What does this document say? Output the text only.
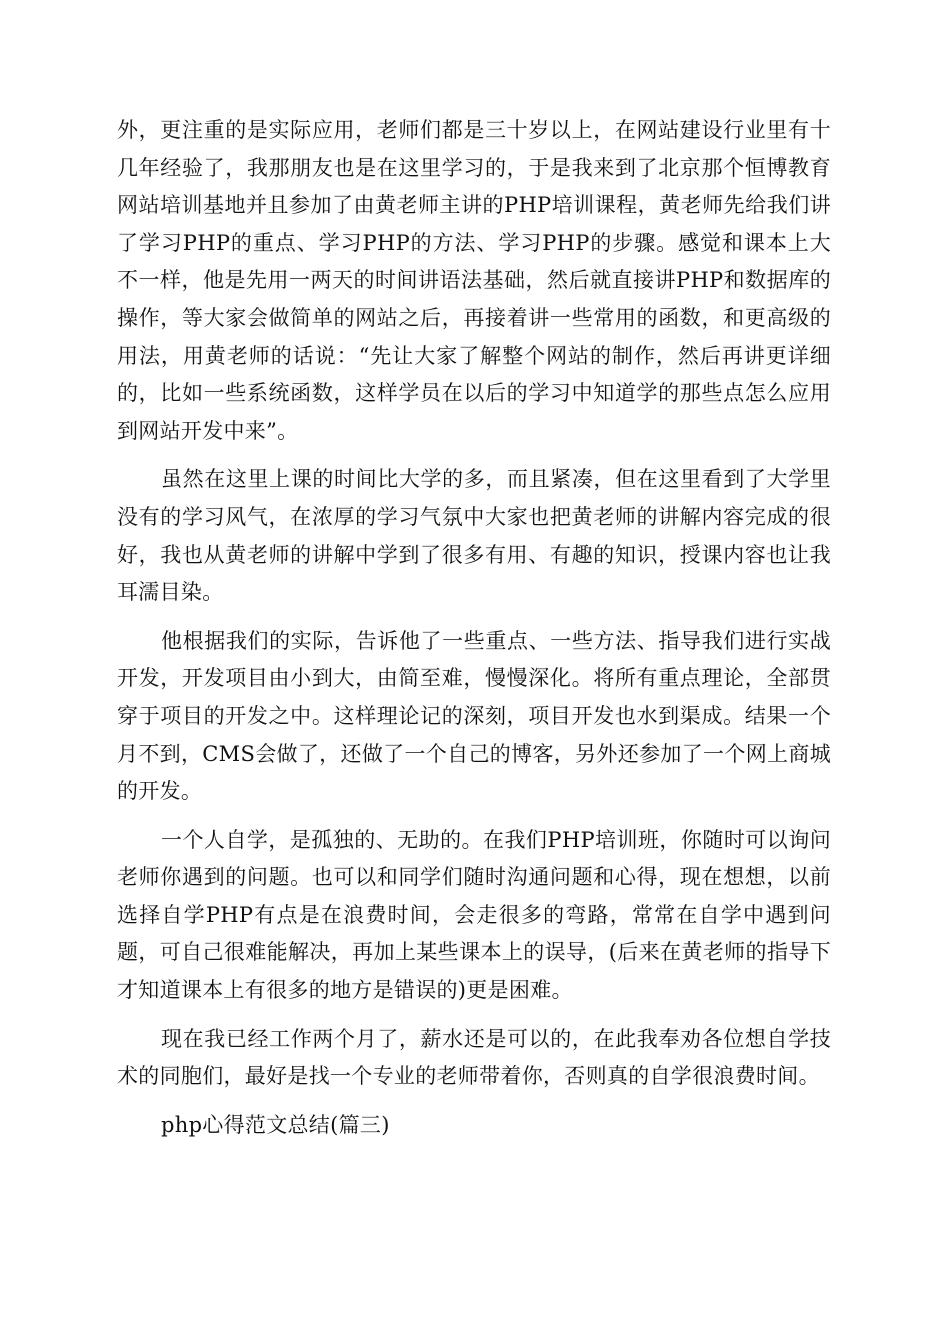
外，更注重的是实际应用，老师们都是三十岁以上，在网站建设行业里有十几年经验了，我那朋友也是在这里学习的，于是我来到了北京那个恒博教育网站培训基地并且参加了由黄老师主讲的PHP培训课程，黄老师先给我们讲了学习PHP的重点、学习PHP的方法、学习PHP的步骤。感觉和课本上大不一样，他是先用一两天的时间讲语法基础，然后就直接讲PHP和数据库的操作，等大家会做简单的网站之后，再接着讲一些常用的函数，和更高级的用法，用黄老师的话说：“先让大家了解整个网站的制作，然后再讲更详细的，比如一些系统函数，这样学员在以后的学习中知道学的那些点怎么应用到网站开发中来”。

虽然在这里上课的时间比大学的多，而且紧凑，但在这里看到了大学里没有的学习风气，在浓厚的学习气氛中大家也把黄老师的讲解内容完成的很好，我也从黄老师的讲解中学到了很多有用、有趣的知识，授课内容也让我耳濡目染。

他根据我们的实际，告诉他了一些重点、一些方法、指导我们进行实战开发，开发项目由小到大，由简至难，慢慢深化。将所有重点理论，全部贯穿于项目的开发之中。这样理论记的深刻，项目开发也水到渠成。结果一个月不到，CMS会做了，还做了一个自己的博客，另外还参加了一个网上商城的开发。

一个人自学，是孤独的、无助的。在我们PHP培训班，你随时可以询问老师你遇到的问题。也可以和同学们随时沟通问题和心得，现在想想，以前选择自学PHP有点是在浪费时间，会走很多的弯路，常常在自学中遇到问题，可自己很难能解决，再加上某些课本上的误导，(后来在黄老师的指导下才知道课本上有很多的地方是错误的)更是困难。

现在我已经工作两个月了，薪水还是可以的，在此我奉劝各位想自学技术的同胞们，最好是找一个专业的老师带着你，否则真的自学很浪费时间。

php心得范文总结(篇三)
